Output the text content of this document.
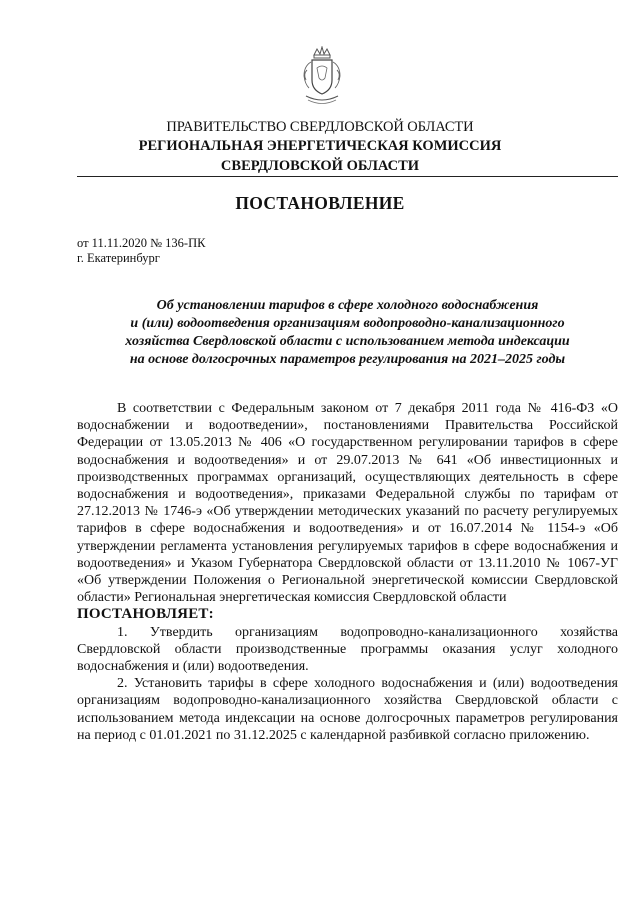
ПРАВИТЕЛЬСТВО СВЕРДЛОВСКОЙ ОБЛАСТИ
РЕГИОНАЛЬНАЯ ЭНЕРГЕТИЧЕСКАЯ КОМИССИЯ
СВЕРДЛОВСКОЙ ОБЛАСТИ
ПОСТАНОВЛЕНИЕ
от 11.11.2020 № 136-ПК
г. Екатеринбург
Об установлении тарифов в сфере холодного водоснабжения
и (или) водоотведения организациям водопроводно-канализационного
хозяйства Свердловской области с использованием метода индексации
на основе долгосрочных параметров регулирования на 2021–2025 годы

В соответствии с Федеральным законом от 7 декабря 2011 года № 416-ФЗ «О водоснабжении и водоотведении», постановлениями Правительства Российской Федерации от 13.05.2013 № 406 «О государственном регулировании тарифов в сфере водоснабжения и водоотведения» и от 29.07.2013 № 641 «Об инвестиционных и производственных программах организаций, осуществляющих деятельность в сфере водоснабжения и водоотведения», приказами Федеральной службы по тарифам от 27.12.2013 № 1746-э «Об утверждении методических указаний по расчету регулируемых тарифов в сфере водоснабжения и водоотведения» и от 16.07.2014 № 1154-э «Об утверждении регламента установления регулируемых тарифов в сфере водоснабжения и водоотведения» и Указом Губернатора Свердловской области от 13.11.2010 № 1067-УГ «Об утверждении Положения о Региональной энергетической комиссии Свердловской области» Региональная энергетическая комиссия Свердловской области

ПОСТАНОВЛЯЕТ:

1. Утвердить организациям водопроводно-канализационного хозяйства Свердловской области производственные программы оказания услуг холодного водоснабжения и (или) водоотведения.

2. Установить тарифы в сфере холодного водоснабжения и (или) водоотведения организациям водопроводно-канализационного хозяйства Свердловской области с использованием метода индексации на основе долгосрочных параметров регулирования на период с 01.01.2021 по 31.12.2025 с календарной разбивкой согласно приложению.
